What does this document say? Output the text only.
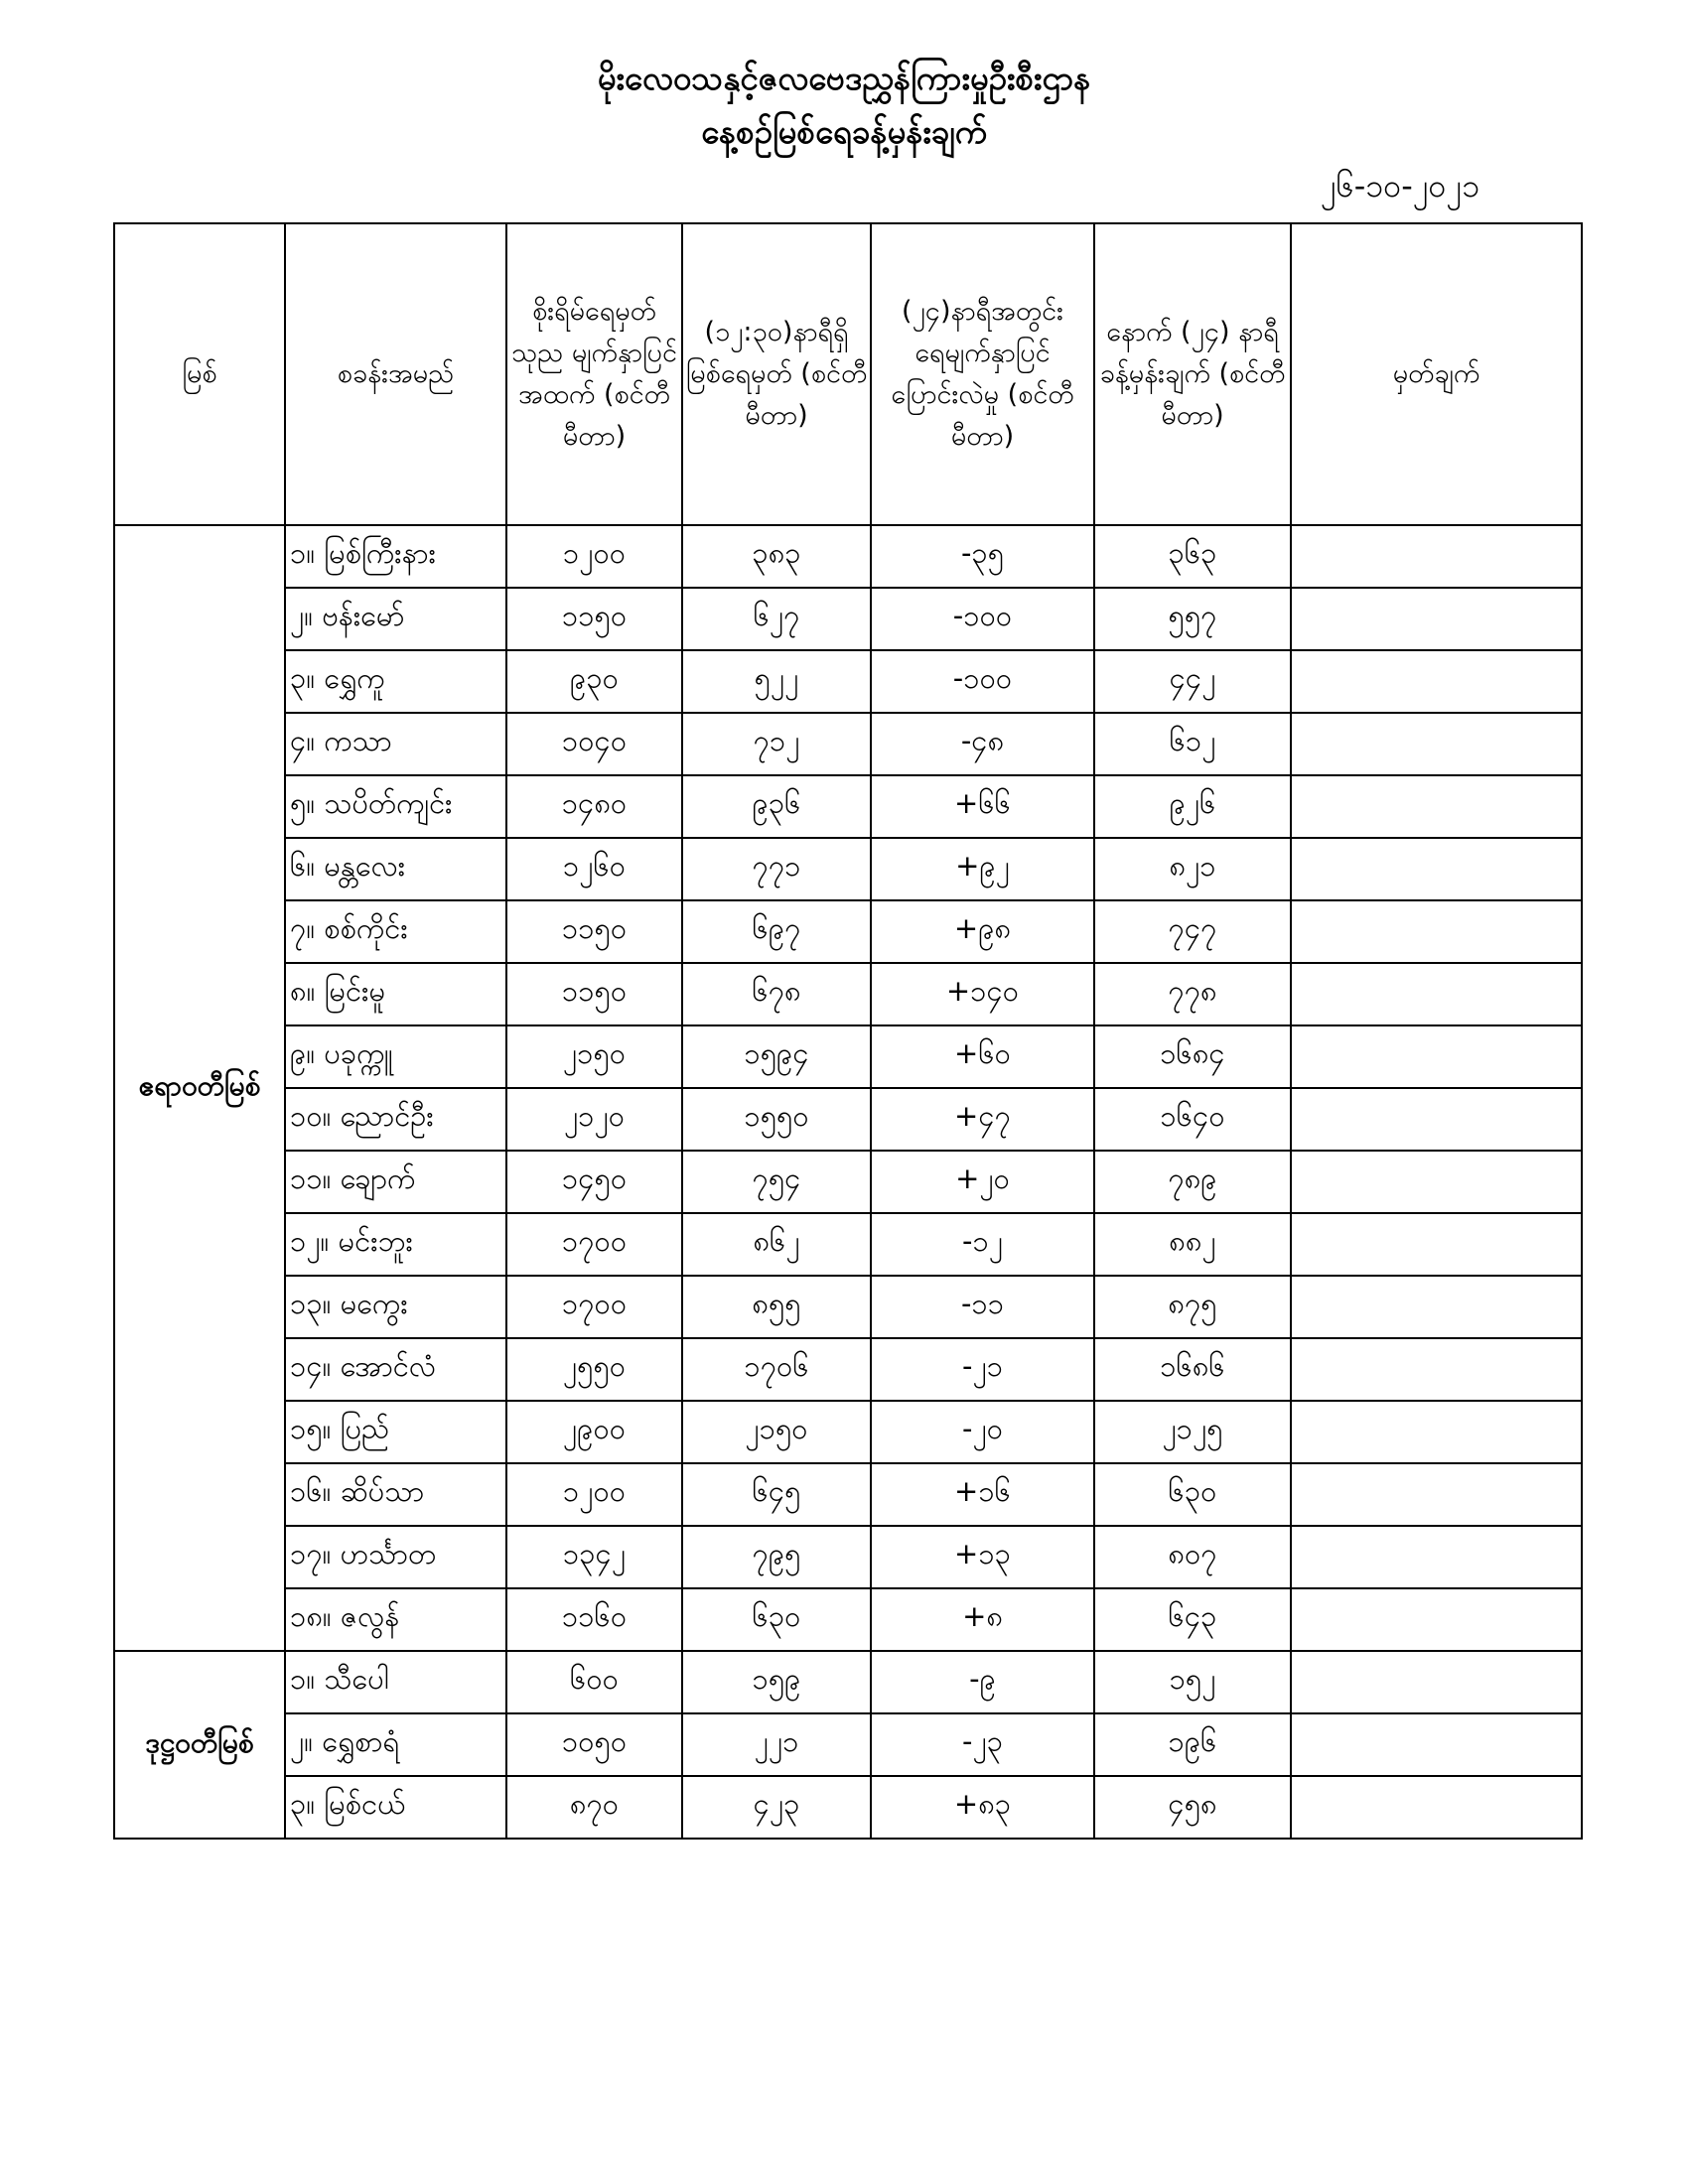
မိုးလေဝသနှင့်ဇလဗေဒညွှန်ကြားမှုဦးစီးဌာန
နေ့စဉ်မြစ်ရေခန့်မှန်းချက်
၂၆-၁၀-၂၀၂၁
မြစ်	စခန်းအမည်	စိုးရိမ်ရေမှတ် သုည မျက်နှာပြင် အထက် (စင်တီမီတာ)	(၁၂:၃၀)နာရီရှိ မြစ်ရေမှတ် (စင်တီမီတာ)	(၂၄)နာရီအတွင်း ရေမျက်နှာပြင် ပြောင်းလဲမှု (စင်တီမီတာ)	နောက် (၂၄) နာရီ ခန့်မှန်းချက် (စင်တီမီတာ)	မှတ်ချက်
ဧရာဝတီမြစ်	၁။ မြစ်ကြီးနား	၁၂၀၀	၃၈၃	-၃၅	၃၆၃	
	၂။ ဗန်းမော်	၁၁၅၀	၆၂၇	-၁၀၀	၅၅၇	
	၃။ ရွှေကူ	၉၃၀	၅၂၂	-၁၀၀	၄၄၂	
	၄။ ကသာ	၁၀၄၀	၇၁၂	-၄၈	၆၁၂	
	၅။ သပိတ်ကျင်း	၁၄၈၀	၉၃၆	+၆၆	၉၂၆	
	၆။ မန္တလေး	၁၂၆၀	၇၇၁	+၉၂	၈၂၁	
	၇။ စစ်ကိုင်း	၁၁၅၀	၆၉၇	+၉၈	၇၄၇	
	၈။ မြင်းမူ	၁၁၅၀	၆၇၈	+၁၄၀	၇၇၈	
	၉။ ပခုက္ကူ	၂၁၅၀	၁၅၉၄	+၆၀	၁၆၈၄	
	၁၀။ ညောင်ဦး	၂၁၂၀	၁၅၅၀	+၄၇	၁၆၄၀	
	၁၁။ ချောက်	၁၄၅၀	၇၅၄	+၂၀	၇၈၉	
	၁၂။ မင်းဘူး	၁၇၀၀	၈၆၂	-၁၂	၈၈၂	
	၁၃။ မကွေး	၁၇၀၀	၈၅၅	-၁၁	၈၇၅	
	၁၄။ အောင်လံ	၂၅၅၀	၁၇၀၆	-၂၁	၁၆၈၆	
	၁၅။ ပြည်	၂၉၀၀	၂၁၅၀	-၂၀	၂၁၂၅	
	၁၆။ ဆိပ်သာ	၁၂၀၀	၆၄၅	+၁၆	၆၃၀	
	၁၇။ ဟင်္သာတ	၁၃၄၂	၇၉၅	+၁၃	၈၀၇	
	၁၈။ ဇလွန်	၁၁၆၀	၆၃၀	+၈	၆၄၃	
ဒုဋ္ဌဝတီမြစ်	၁။ သီပေါ	၆၀၀	၁၅၉	-၉	၁၅၂	
	၂။ ရွှေစာရံ	၁၀၅၀	၂၂၁	-၂၃	၁၉၆	
	၃။ မြစ်ငယ်	၈၇၀	၄၂၃	+၈၃	၄၅၈	
